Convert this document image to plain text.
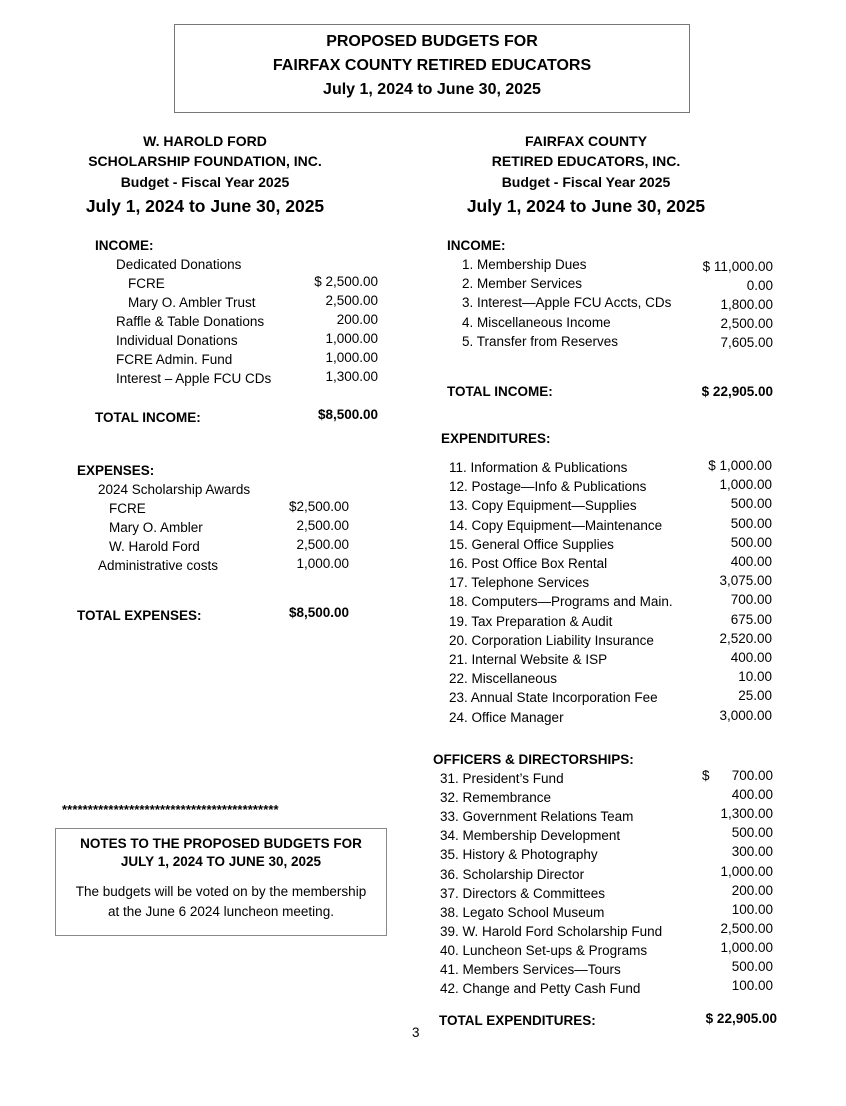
PROPOSED BUDGETS FOR
FAIRFAX COUNTY RETIRED EDUCATORS
July 1, 2024 to June 30, 2025
W. HAROLD FORD
SCHOLARSHIP FOUNDATION, INC.
Budget - Fiscal Year 2025
July 1, 2024 to June 30, 2025
FAIRFAX COUNTY
RETIRED EDUCATORS, INC.
Budget - Fiscal Year 2025
July 1, 2024 to June 30, 2025
INCOME:
Dedicated Donations
FCRE	$ 2,500.00
Mary O. Ambler Trust	2,500.00
Raffle & Table Donations	200.00
Individual Donations	1,000.00
FCRE Admin. Fund	1,000.00
Interest – Apple FCU CDs	1,300.00
TOTAL INCOME:	$8,500.00
EXPENSES:
2024 Scholarship Awards
FCRE	$2,500.00
Mary O. Ambler	2,500.00
W. Harold Ford	2,500.00
Administrative costs	1,000.00
TOTAL EXPENSES:	$8,500.00
******************************************
NOTES TO THE PROPOSED BUDGETS FOR
JULY 1, 2024 TO JUNE 30, 2025
The budgets will be voted on by the membership
at the June 6 2024 luncheon meeting.
INCOME:
1. Membership Dues	$ 11,000.00
2. Member Services	0.00
3. Interest—Apple FCU Accts, CDs	1,800.00
4. Miscellaneous Income	2,500.00
5. Transfer from Reserves	7,605.00
TOTAL INCOME:	$ 22,905.00
EXPENDITURES:
11. Information & Publications	$ 1,000.00
12. Postage—Info & Publications	1,000.00
13. Copy Equipment—Supplies	500.00
14. Copy Equipment—Maintenance	500.00
15. General Office Supplies	500.00
16. Post Office Box Rental	400.00
17. Telephone Services	3,075.00
18. Computers—Programs and Main.	700.00
19. Tax Preparation & Audit	675.00
20. Corporation Liability Insurance	2,520.00
21. Internal Website & ISP	400.00
22. Miscellaneous	10.00
23. Annual State Incorporation Fee	25.00
24. Office Manager	3,000.00
OFFICERS & DIRECTORSHIPS:
$
31. President’s Fund	700.00
32. Remembrance	400.00
33. Government Relations Team	1,300.00
34. Membership Development	500.00
35. History & Photography	300.00
36. Scholarship Director	1,000.00
37. Directors & Committees	200.00
38. Legato School Museum	100.00
39. W. Harold Ford Scholarship Fund	2,500.00
40. Luncheon Set-ups & Programs	1,000.00
41. Members Services—Tours	500.00
42. Change and Petty Cash Fund	100.00
TOTAL EXPENDITURES:	$ 22,905.00
3
